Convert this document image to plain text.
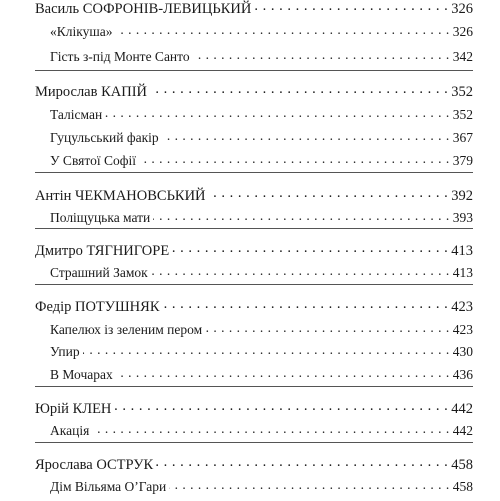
Василь СОФРОНІВ-ЛЕВИЦЬКИЙ . . .	326
«Клікуша» . . .	326
Гість з-під Монте Санто . . .	342
Мирослав КАПІЙ . . .	352
Талісман . . .	352
Гуцульський факір . . .	367
У Святої Софії . . .	379
Антін ЧЕКМАНОВСЬКИЙ . . .	392
Поліщуцька мати . . .	393
Дмитро ТЯГНИГОРЕ . . .	413
Страшний Замок . . .	413
Федір ПОТУШНЯК . . .	423
Капелюх із зеленим пером . . .	423
Упир . . .	430
В Мочарах . . .	436
Юрій КЛЕН . . .	442
Акація . . .	442
Ярослава ОСТРУК . . .	458
Дім Вільяма О’Гари . . .	458
